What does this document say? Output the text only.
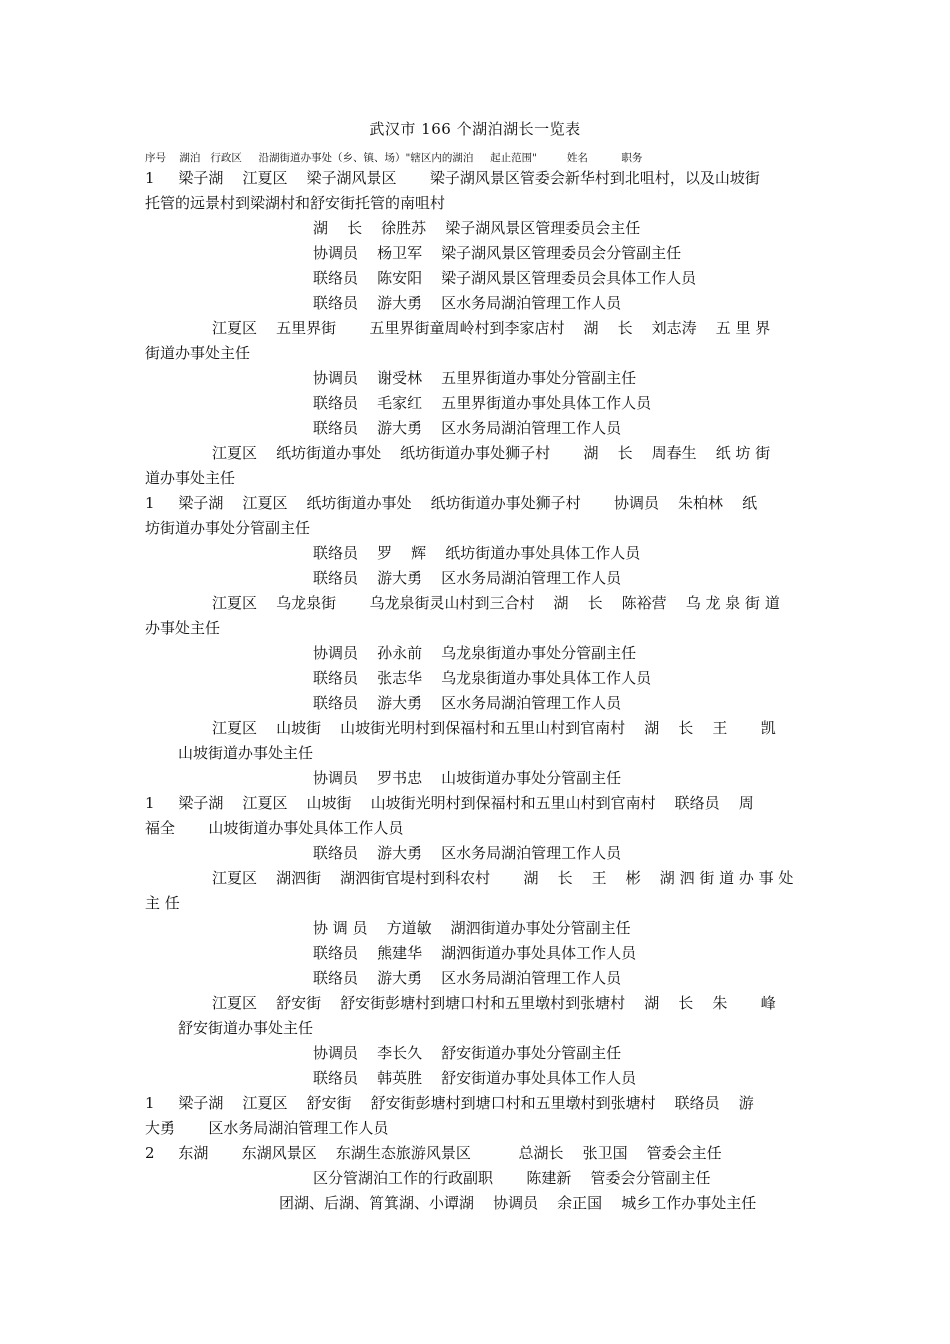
武汉市 166 个湖泊湖长一览表
序号    湖泊   行政区     沿湖街道办事处（乡、镇、场）"辖区内的湖泊     起止范围"         姓名          职务
1     梁子湖    江夏区    梁子湖风景区       梁子湖风景区管委会新华村到北咀村，以及山坡街
托管的远景村到梁湖村和舒安街托管的南咀村
湖    长    徐胜苏    梁子湖风景区管理委员会主任
协调员    杨卫军    梁子湖风景区管理委员会分管副主任
联络员    陈安阳    梁子湖风景区管理委员会具体工作人员
联络员    游大勇    区水务局湖泊管理工作人员
江夏区    五里界街       五里界街童周岭村到李家店村    湖    长    刘志涛    五 里 界
街道办事处主任
协调员    谢受林    五里界街道办事处分管副主任
联络员    毛家红    五里界街道办事处具体工作人员
联络员    游大勇    区水务局湖泊管理工作人员
江夏区    纸坊街道办事处    纸坊街道办事处狮子村       湖    长    周春生    纸 坊 街
道办事处主任
1     梁子湖    江夏区    纸坊街道办事处    纸坊街道办事处狮子村       协调员    朱柏林    纸
坊街道办事处分管副主任
联络员    罗    辉    纸坊街道办事处具体工作人员
联络员    游大勇    区水务局湖泊管理工作人员
江夏区    乌龙泉街       乌龙泉街灵山村到三合村    湖    长    陈裕营    乌 龙 泉 街 道
办事处主任
协调员    孙永前    乌龙泉街道办事处分管副主任
联络员    张志华    乌龙泉街道办事处具体工作人员
联络员    游大勇    区水务局湖泊管理工作人员
江夏区    山坡街    山坡街光明村到保福村和五里山村到官南村    湖    长    王       凯
山坡街道办事处主任
协调员    罗书忠    山坡街道办事处分管副主任
1     梁子湖    江夏区    山坡街    山坡街光明村到保福村和五里山村到官南村    联络员    周
福全       山坡街道办事处具体工作人员
联络员    游大勇    区水务局湖泊管理工作人员
江夏区    湖泗街    湖泗街官堤村到科农村       湖    长    王    彬    湖 泗 街 道 办 事 处
主 任
协 调 员    方道敏    湖泗街道办事处分管副主任
联络员    熊建华    湖泗街道办事处具体工作人员
联络员    游大勇    区水务局湖泊管理工作人员
江夏区    舒安街    舒安街彭塘村到塘口村和五里墩村到张塘村    湖    长    朱       峰
舒安街道办事处主任
协调员    李长久    舒安街道办事处分管副主任
联络员    韩英胜    舒安街道办事处具体工作人员
1     梁子湖    江夏区    舒安街    舒安街彭塘村到塘口村和五里墩村到张塘村    联络员    游
大勇       区水务局湖泊管理工作人员
2     东湖       东湖风景区    东湖生态旅游风景区          总湖长    张卫国    管委会主任
区分管湖泊工作的行政副职       陈建新    管委会分管副主任
团湖、后湖、筲箕湖、小谭湖    协调员    余正国    城乡工作办事处主任
